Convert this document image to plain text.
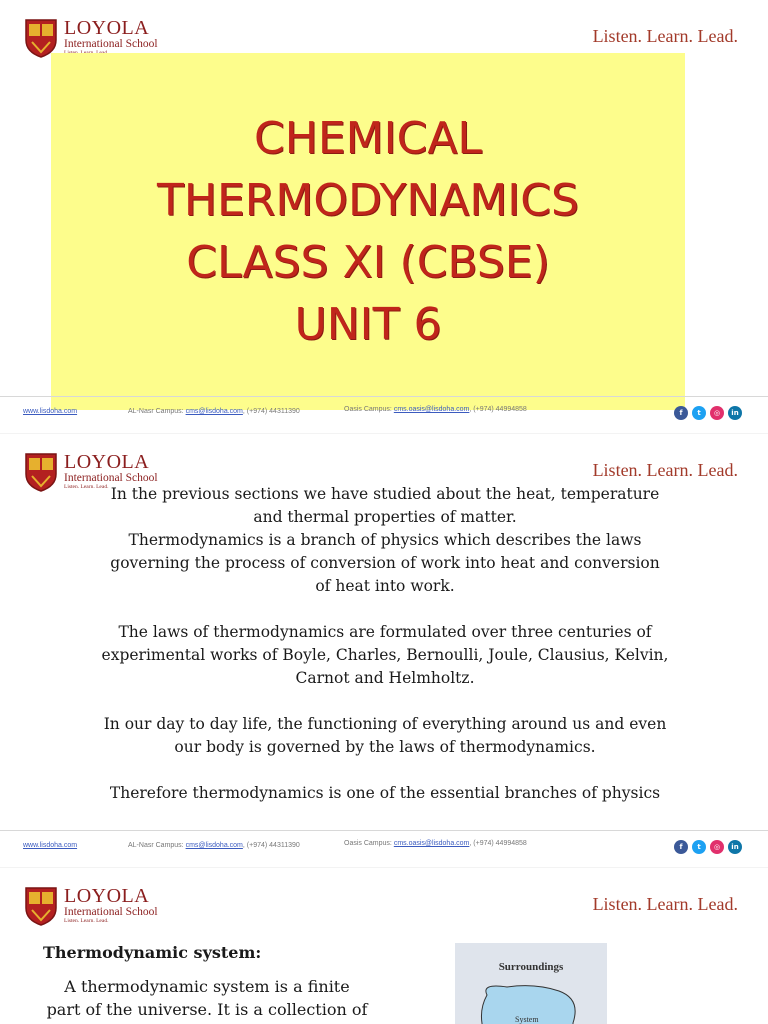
LOYOLA
International School	Listen. Learn. Lead.
CHEMICAL
THERMODYNAMICS
CLASS XI (CBSE)
UNIT 6
www.lisdoha.com	AL-Nasr Campus: cms@lisdoha.com, (+974) 44311390	Oasis Campus: cms.oasis@lisdoha.com, (+974) 44994858	f	t	◎	in
LOYOLA
International School
Listen. Learn. Lead.
Listen. Learn. Lead.

In the previous sections we have studied about the heat, temperature
and thermal properties of matter.
Thermodynamics is a branch of physics which describes the laws
governing the process of conversion of work into heat and conversion
of heat into work.

The laws of thermodynamics are formulated over three centuries of
experimental works of Boyle, Charles, Bernoulli, Joule, Clausius, Kelvin,
Carnot and Helmholtz.

In our day to day life, the functioning of everything around us and even
our body is governed by the laws of thermodynamics.

Therefore thermodynamics is one of the essential branches of physics

www.lisdoha.com	AL-Nasr Campus: cms@lisdoha.com, (+974) 44311390	Oasis Campus: cms.oasis@lisdoha.com, (+974) 44994858	f	t	◎	in
LOYOLA
International School
Listen. Learn. Lead.
Listen. Learn. Lead.
Thermodynamic system:
A thermodynamic system is a finite
part of the universe. It is a collection of
Surroundings
System
